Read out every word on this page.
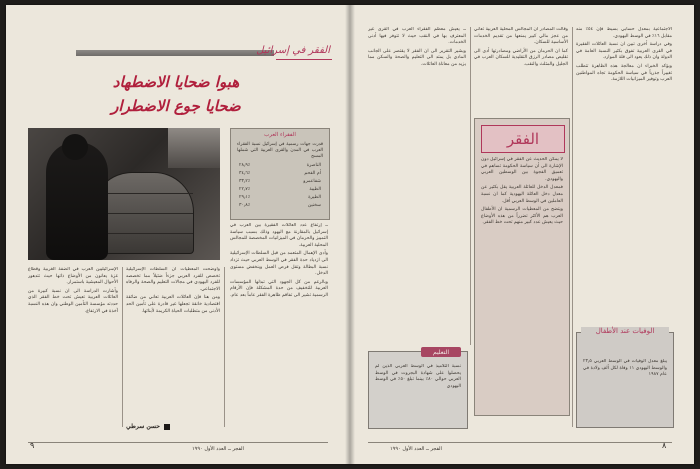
الفقر في إسرائيل
هبوا ضحايا الاضطهاد
ضحايا جوع الاضطرار
الفقراء العرب
قدرت جهات رسمية في إسرائيل نسبة الفقراء العرب في المدن والقرى العربية التي شملها المسح
الناصرة
٪٢٨٫٩
أم الفحم
٪٣٤٫٦
شفاعمرو
٪٣٣٫٢
الطيبة
٪٢٢٫٧
الطيرة
٪٢٩٫١
سخنين
٪٣٠٫٨

ــ إرتفاع عدد العائلات الفقيرة بين العرب في إسرائيل بالمقارنة مع اليهود وذلك بسبب سياسة التمييز والحرمان في الميزانيات المخصصة للمجالس المحلية العربية.

وأدى الإهمال المتعمد من قبل السلطات الإسرائيلية الى ازدياد حدة الفقر في الوسط العربي حيث تزداد نسبة البطالة وتقل فرص العمل وينخفض مستوى الدخل.

وبالرغم من كل الجهود التي تبذلها المؤسسات العربية للتخفيف من حدة المشكلة فإن الأرقام الرسمية تشير الى تفاقم ظاهرة الفقر عاماً بعد عام.

وأوضحت المعطيات ان السلطات الإسرائيلية تخصص للفرد العربي جزءاً ضئيلاً مما تخصصه للفرد اليهودي في مجالات التعليم والصحة والرفاه الاجتماعي.

ومن هنا فإن العائلات العربية تعاني من ضائقة اقتصادية خانقة تجعلها غير قادرة على تأمين الحد الأدنى من متطلبات الحياة الكريمة لأبنائها.

الإسرائيليين العرب في الضفة الغربية وقطاع غزة يعانون من الأوضاع ذاتها حيث تتدهور الأحوال المعيشية باستمرار.

وأشارت الدراسة الى ان نسبة كبيرة من العائلات العربية تعيش تحت خط الفقر الذي حددته مؤسسة التأمين الوطني وان هذه النسبة آخذة في الارتفاع.

حسن سرطي
٩	الفجر ــ العدد الأول ١٩٩٠

الاجتماعية بمعدل حسابي بسيط فإن ٥٤٪ منه مقابل ١٦٪ في الوسط اليهودي.

وفي دراسة أخرى تبين ان نسبة العائلات الفقيرة في القرى العربية تفوق بكثير النسبة العامة في الدولة وان ذلك يعود الى قلة الموارد.

ويؤكد الخبراء ان معالجة هذه الظاهرة تتطلب تغييراً جذرياً في سياسة الحكومة تجاه المواطنين العرب وتوفير الميزانيات اللازمة.

وقالت المصادر ان المجالس المحلية العربية تعاني من عجز مالي كبير يمنعها من تقديم الخدمات الأساسية للسكان.

كما ان الحرمان من الأراضي ومصادرتها أدى الى تقليص مصادر الرزق التقليدية للسكان العرب في الجليل والمثلث والنقب.

الفقر

لا يمكن الحديث عن الفقر في إسرائيل دون الإشارة الى أن سياسة الحكومة تساهم في تعميق الفجوة بين الوسطين العربي واليهودي.

فمعدل الدخل للعائلة العربية يقل بكثير عن معدل دخل العائلة اليهودية كما ان نسبة العاملين في الوسط العربي أقل.

ويتضح من المعطيات الرسمية ان الأطفال العرب هم الأكثر تضرراً من هذه الأوضاع حيث يعيش عدد كبير منهم تحت خط الفقر.

ــ يعيش معظم الفقراء العرب في القرى غير المعترف بها في النقب حيث لا تتوفر فيها أدنى الخدمات.

ويشير التقرير الى ان الفقر لا يقتصر على الجانب المادي بل يمتد الى التعليم والصحة والسكن مما يزيد من معاناة العائلات.

التعليم
نسبة التلاميذ في الوسط العربي الذين لم يحصلوا على شهادة البجروت في الوسط العربي حوالي ٨٠٪ بينما تبلغ ٥٠٪ في الوسط اليهودي
الوفيات عند الأطفال
يبلغ معدل الوفيات في الوسط العربي ٢٣٫٥ والوسط اليهودي ١١ وفاة لكل ألف ولادة في عام ١٩٨٧
الفجر ــ العدد الأول ١٩٩٠	٨
